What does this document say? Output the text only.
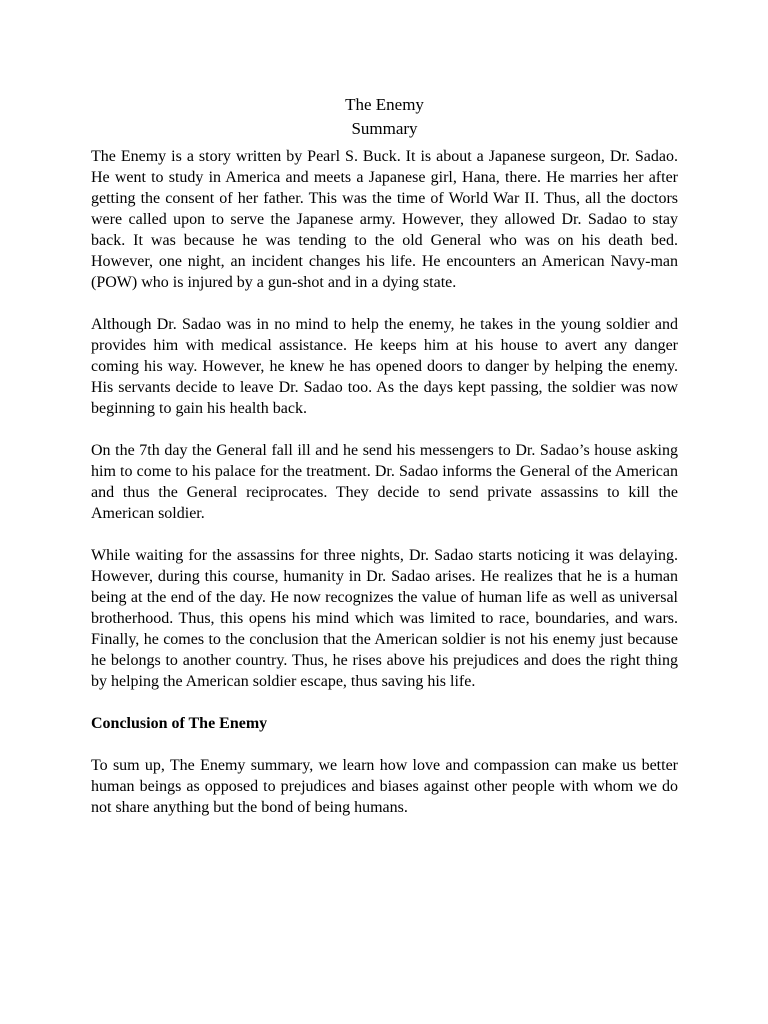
The Enemy
Summary

The Enemy is a story written by Pearl S. Buck. It is about a Japanese surgeon, Dr. Sadao. He went to study in America and meets a Japanese girl, Hana, there. He marries her after getting the consent of her father. This was the time of World War II. Thus, all the doctors were called upon to serve the Japanese army. However, they allowed Dr. Sadao to stay back. It was because he was tending to the old General who was on his death bed. However, one night, an incident changes his life. He encounters an American Navy-man (POW) who is injured by a gun-shot and in a dying state.

Although Dr. Sadao was in no mind to help the enemy, he takes in the young soldier and provides him with medical assistance. He keeps him at his house to avert any danger coming his way. However, he knew he has opened doors to danger by helping the enemy. His servants decide to leave Dr. Sadao too. As the days kept passing, the soldier was now beginning to gain his health back.

On the 7th day the General fall ill and he send his messengers to Dr. Sadao’s house asking him to come to his palace for the treatment. Dr. Sadao informs the General of the American and thus the General reciprocates. They decide to send private assassins to kill the American soldier.

While waiting for the assassins for three nights, Dr. Sadao starts noticing it was delaying. However, during this course, humanity in Dr. Sadao arises. He realizes that he is a human being at the end of the day. He now recognizes the value of human life as well as universal brotherhood. Thus, this opens his mind which was limited to race, boundaries, and wars. Finally, he comes to the conclusion that the American soldier is not his enemy just because he belongs to another country. Thus, he rises above his prejudices and does the right thing by helping the American soldier escape, thus saving his life.

Conclusion of The Enemy

To sum up, The Enemy summary, we learn how love and compassion can make us better human beings as opposed to prejudices and biases against other people with whom we do not share anything but the bond of being humans.
